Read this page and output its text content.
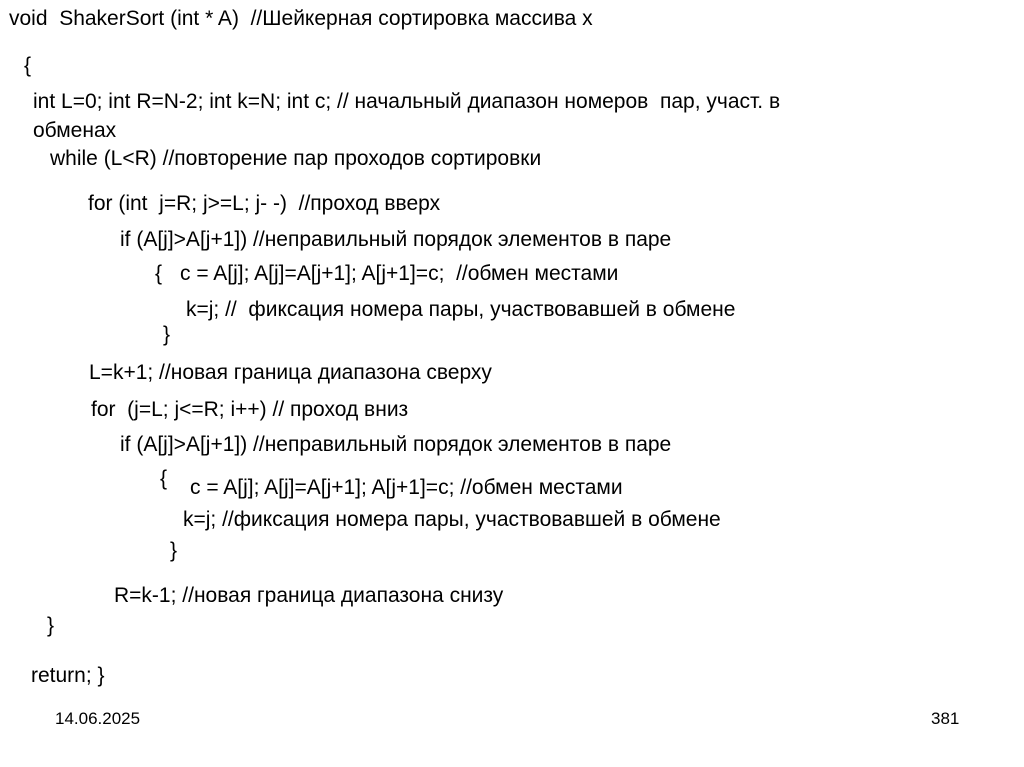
void  ShakerSort (int * A)  //Шейкерная сортировка массива х
{
int L=0; int R=N-2; int k=N; int c; // начальный диапазон номеров  пар, участ. в
обменах
while (L<R) //повторение пар проходов сортировки
for (int  j=R; j>=L; j- -)  //проход вверх
if (A[j]>A[j+1]) //неправильный порядок элементов в паре
{ c = A[j]; A[j]=A[j+1]; A[j+1]=c;  //обмен местами
k=j; //  фиксация номера пары, участвовавшей в обмене
}
L=k+1; //новая граница диапазона сверху
for  (j=L; j<=R; i++) // проход вниз
if (A[j]>A[j+1]) //неправильный порядок элементов в паре
{ c = A[j]; A[j]=A[j+1]; A[j+1]=c; //обмен местами
k=j; //фиксация номера пары, участвовавшей в обмене
}
R=k-1; //новая граница диапазона снизу
}
return; }
14.06.2025	381
